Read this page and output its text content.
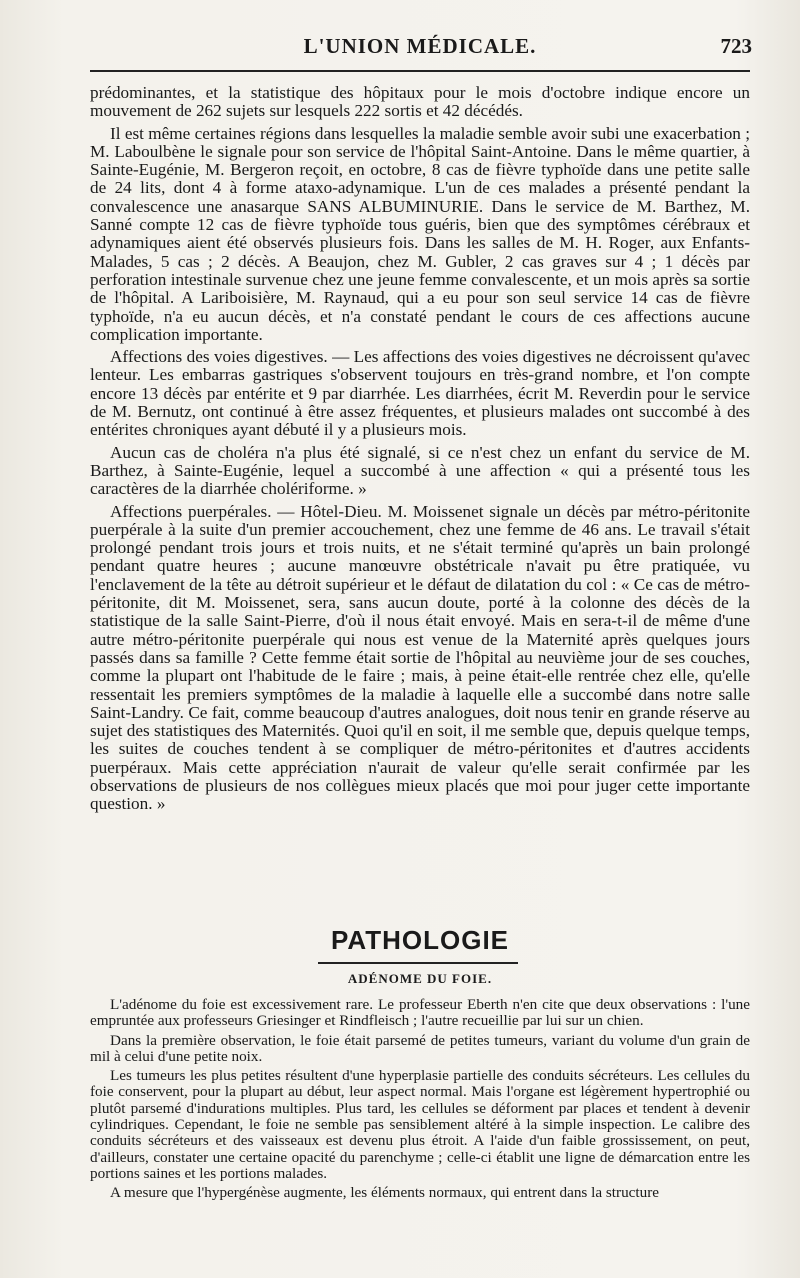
L'UNION MÉDICALE.	723

prédominantes, et la statistique des hôpitaux pour le mois d'octobre indique encore un mouvement de 262 sujets sur lesquels 222 sortis et 42 décédés.

Il est même certaines régions dans lesquelles la maladie semble avoir subi une exacerbation ; M. Laboulbène le signale pour son service de l'hôpital Saint-Antoine. Dans le même quartier, à Sainte-Eugénie, M. Bergeron reçoit, en octobre, 8 cas de fièvre typhoïde dans une petite salle de 24 lits, dont 4 à forme ataxo-adynamique. L'un de ces malades a présenté pendant la convalescence une anasarque SANS ALBUMINURIE. Dans le service de M. Barthez, M. Sanné compte 12 cas de fièvre typhoïde tous guéris, bien que des symptômes cérébraux et adynamiques aient été observés plusieurs fois. Dans les salles de M. H. Roger, aux Enfants-Malades, 5 cas ; 2 décès. A Beaujon, chez M. Gubler, 2 cas graves sur 4 ; 1 décès par perforation intestinale survenue chez une jeune femme convalescente, et un mois après sa sortie de l'hôpital. A Lariboisière, M. Raynaud, qui a eu pour son seul service 14 cas de fièvre typhoïde, n'a eu aucun décès, et n'a constaté pendant le cours de ces affections aucune complication importante.

Affections des voies digestives. — Les affections des voies digestives ne décroissent qu'avec lenteur. Les embarras gastriques s'observent toujours en très-grand nombre, et l'on compte encore 13 décès par entérite et 9 par diarrhée. Les diarrhées, écrit M. Reverdin pour le service de M. Bernutz, ont continué à être assez fréquentes, et plusieurs malades ont succombé à des entérites chroniques ayant débuté il y a plusieurs mois.

Aucun cas de choléra n'a plus été signalé, si ce n'est chez un enfant du service de M. Barthez, à Sainte-Eugénie, lequel a succombé à une affection « qui a présenté tous les caractères de la diarrhée cholériforme. »

Affections puerpérales. — Hôtel-Dieu. M. Moissenet signale un décès par métro-péritonite puerpérale à la suite d'un premier accouchement, chez une femme de 46 ans. Le travail s'était prolongé pendant trois jours et trois nuits, et ne s'était terminé qu'après un bain prolongé pendant quatre heures ; aucune manœuvre obstétricale n'avait pu être pratiquée, vu l'enclavement de la tête au détroit supérieur et le défaut de dilatation du col : « Ce cas de métro-péritonite, dit M. Moissenet, sera, sans aucun doute, porté à la colonne des décès de la statistique de la salle Saint-Pierre, d'où il nous était envoyé. Mais en sera-t-il de même d'une autre métro-péritonite puerpérale qui nous est venue de la Maternité après quelques jours passés dans sa famille ? Cette femme était sortie de l'hôpital au neuvième jour de ses couches, comme la plupart ont l'habitude de le faire ; mais, à peine était-elle rentrée chez elle, qu'elle ressentait les premiers symptômes de la maladie à laquelle elle a succombé dans notre salle Saint-Landry. Ce fait, comme beaucoup d'autres analogues, doit nous tenir en grande réserve au sujet des statistiques des Maternités. Quoi qu'il en soit, il me semble que, depuis quelque temps, les suites de couches tendent à se compliquer de métro-péritonites et d'autres accidents puerpéraux. Mais cette appréciation n'aurait de valeur qu'elle serait confirmée par les observations de plusieurs de nos collègues mieux placés que moi pour juger cette importante question. »

PATHOLOGIE
ADÉNOME DU FOIE.

L'adénome du foie est excessivement rare. Le professeur Eberth n'en cite que deux observations : l'une empruntée aux professeurs Griesinger et Rindfleisch ; l'autre recueillie par lui sur un chien.

Dans la première observation, le foie était parsemé de petites tumeurs, variant du volume d'un grain de mil à celui d'une petite noix.

Les tumeurs les plus petites résultent d'une hyperplasie partielle des conduits sécréteurs. Les cellules du foie conservent, pour la plupart au début, leur aspect normal. Mais l'organe est légèrement hypertrophié ou plutôt parsemé d'indurations multiples. Plus tard, les cellules se déforment par places et tendent à devenir cylindriques. Cependant, le foie ne semble pas sensiblement altéré à la simple inspection. Le calibre des conduits sécréteurs et des vaisseaux est devenu plus étroit. A l'aide d'un faible grossissement, on peut, d'ailleurs, constater une certaine opacité du parenchyme ; celle-ci établit une ligne de démarcation entre les portions saines et les portions malades.

A mesure que l'hypergénèse augmente, les éléments normaux, qui entrent dans la structure
